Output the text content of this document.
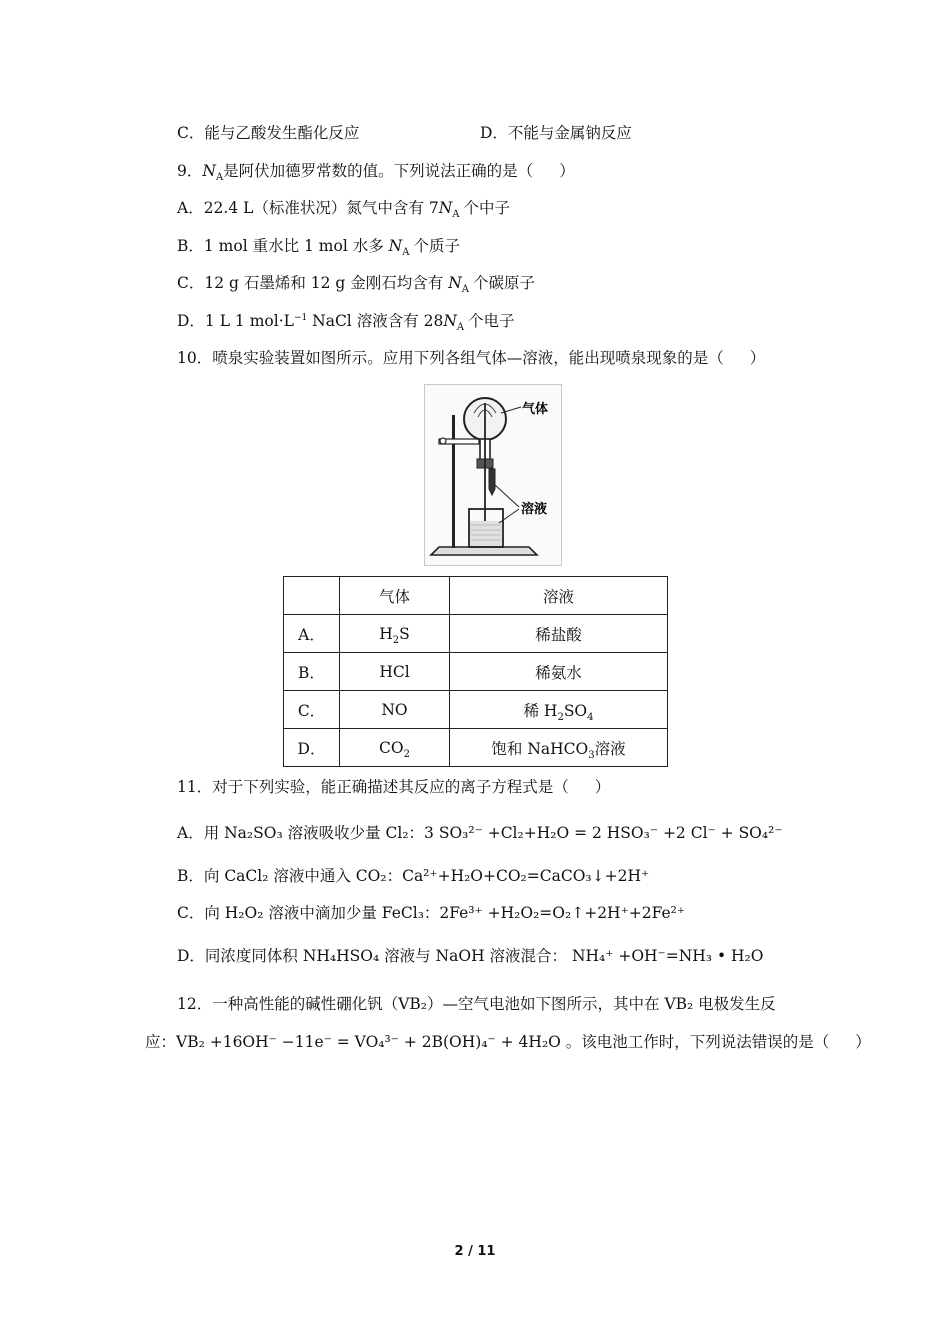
C．能与乙酸发生酯化反应	D．不能与金属钠反应
9．$N_A$是阿伏加德罗常数的值。下列说法正确的是（ ）
A．22.4 L（标准状况）氮气中含有 $7N_A$ 个中子
B．1 mol 重水比 1 mol 水多 $N_A$ 个质子
C．12 g 石墨烯和 12 g 金刚石均含有 $N_A$ 个碳原子
D．1 L 1 $mol\cdot L^{-1}$ NaCl 溶液含有 $28N_A$ 个电子
10．喷泉实验装置如图所示。应用下列各组气体—溶液，能出现喷泉现象的是（ ）
气体
溶液
	气体	溶液
A．	$H_2S$	稀盐酸
B．	HCl	稀氨水
C．	NO	稀 $H_2SO_4$
D．	$CO_2$	饱和 NaHCO$_3$溶液
11．对于下列实验，能正确描述其反应的离子方程式是（ ）
A．用 Na₂SO₃ 溶液吸收少量 Cl₂：3 SO₃²⁻ +Cl₂+H₂O = 2 HSO₃⁻ +2 Cl⁻ + SO₄²⁻
B．向 CaCl₂ 溶液中通入 CO₂：Ca²⁺+H₂O+CO₂=CaCO₃↓+2H⁺
C．向 H₂O₂ 溶液中滴加少量 FeCl₃：2Fe³⁺ +H₂O₂=O₂↑+2H⁺+2Fe²⁺
D．同浓度同体积 NH₄HSO₄ 溶液与 NaOH 溶液混合： NH₄⁺ +OH⁻=NH₃ • H₂O
12．一种高性能的碱性硼化钒（VB₂）—空气电池如下图所示，其中在 VB₂ 电极发生反
应：VB₂ +16OH⁻ −11e⁻ = VO₄³⁻ + 2B(OH)₄⁻ + 4H₂O 。该电池工作时，下列说法错误的是（ ）
2 / 11
